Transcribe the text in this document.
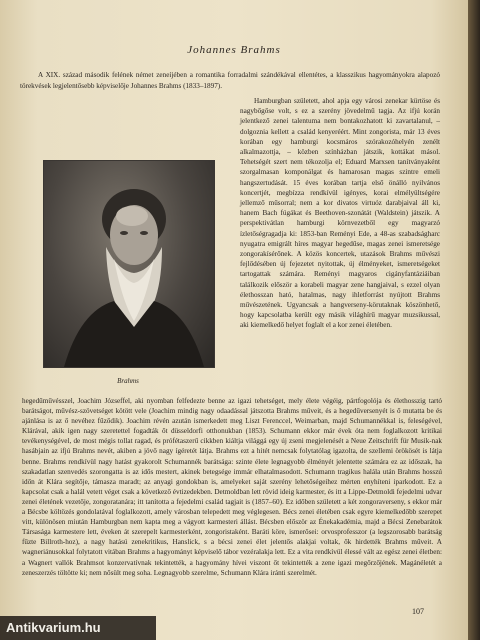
Johannes Brahms
A XIX. század második felének német zeneíjében a romantika forradalmi szándékával ellentétes, a klasszikus hagyományokra alapozó törekvések legjelentősebb képviselője Johannes Brahms (1833–1897).
Brahms

Hamburgban született, ahol apja egy városi zenekar kürtöse és nagybőgőse volt, s ez a szerény jövedelmű tagja. Az ifjú korán jelentkező zenei talentuma nem bontakozhatott ki zavartalanul, – dolgoznia kellett a család kenyeréért. Mint zongorista, már 13 éves korában egy hamburgi kocsmáros szórakozóhelyén zenélt alkalmazottja, – közben színházban játszik, kottákat másol. Tehetségét szert nem tékozolja el; Eduard Marxsen tanítványaként szorgalmasan komponálgat és hamarosan magas szintre emeli hangszertudását. 15 éves korában tartja első önálló nyilvános koncertjét, megbízza rendkívül igényes, korai elmélyültségére jellemző műsorral; nem a kor divatos virtuóz darabjaival áll ki, hanem Bach fúgákat és Beethoven-szonátát (Waldstein) játszik. A perspektivátlan hamburgi körnvezetből egy magyarzó ízletőségragadja ki: 1853-ban Reményi Ede, a 48-as szabadságharc nyugatra emigrált híres magyar hegedűse, magas zenei ismeretsége zongorakísérőnek. A közös koncertek, utazások Brahms művészi fejlődésében új fejezetet nyitottak, új élményeket, ismeretségeket tartogattak számára. Reményi magyaros cigányfantáziáiban találkozik először a korabeli magyar zene hangjaival, s ezzel olyan élethosszan ható, hatalmas, nagy ihletforrást nyújtott Brahms művészetének. Ugyancsak a hangverseny-körutaknak köszönhető, hogy kapcsolatba került egy másik világhírű magyar muzsikussal, aki kiemelkedő helyet foglalt el a kor zenei életében.

hegedűművésszel, Joachim Józseffel, aki nyomban felfedezte benne az igazi tehetséget, mely élete végéig, pártfogolója és élethosszig tartó barátságot, művész-szövetséget kötött vele (Joachim mindig nagy odaadással játszotta Brahms műveit, és a hegedűversenyét is ő mutatta be és ajánlása is az ő nevéhez fűződik). Joachim révén azután ismerkedett meg Liszt Ferenccel, Weimarban, majd Schumannékkal is, feleségével, Klárával, akik igen nagy szeretettel fogadták őt düsseldorfi otthonukban (1853). Schumann ekkor már évek óta nem foglalkozott kritikai tevékenységével, de most mégis tollat ragad, és prófétaszerű cikkben kiáltja világgá egy új zseni megjelenését a Neue Zeitschrift für Musik-nak hasábjain az ifjú Brahms nevét, akiben a jövő nagy ígéretét látja. Brahms ezt a hitét nemcsak folytatólag igazolta, de szellemi örökösét is látja benne. Brahms rendkívül nagy hatást gyakorolt Schumannék barátsága: szinte élete legnagyobb élményét jelentette számára ez az időszak, ha szakadatlan szenvedés szorongatta is az idős mestert, akinek betegsége immár elhatalmasodott. Schumann tragikus halála után Brahms hosszú időn át Klára segítője, támasza maradt; az anyagi gondokban is, amelyeket saját szerény lehetőségeihez mérten enyhíteni iparkodott. Ez a kapcsolat csak a halál vetett véget csak a következő évtizedekben. Detmoldban lett rövid ideig karmester, és itt a Lippe-Detmoldi fejedelmi udvar zenei életének vezetője, zongoratanára; itt tanította a fejedelmi család tagjait is (1857–60). Ez időben született a két zongoraverseny, s ekkor már a Bécsbe költözés gondolatával foglalkozott, amely városban telepedett meg véglegesen. Bécs zenei életében csak egyre kiemelkedőbb szerepet vitt, különösen miután Hamburgban nem kapta meg a vágyott karmesteri állást. Bécsben először az Énekakadémia, majd a Bécsi Zenebarátok Társasága karmestere lett, éveken át szerepelt karmesterként, zongoristaként. Baráti köre, ismerősei: orvosprofesszor (a legszorosabb barátság fűzte Billroth-hoz), a nagy hatású zenekritikus, Hanslick, s a bécsi zenei élet jelentős alakjai voltak, ők hirdették Brahms műveit. A wagneriánusokkal folytatott vitában Brahms a hagyományt képviselő tábor vezéralakja lett. Ez a vita rendkívül élessé vált az egész zenei életben: a Wagnert vallók Brahmsot konzervatívnak tekintették, a hagyomány hívei viszont őt tekintették a zene igazi megőrzőjének. Magánéletét a zeneszerzés töltötte ki; nem nősült meg soha. Legnagyobb szerelme, Schumann Klára iránti szerelmét.

107
Antikvarium.hu
